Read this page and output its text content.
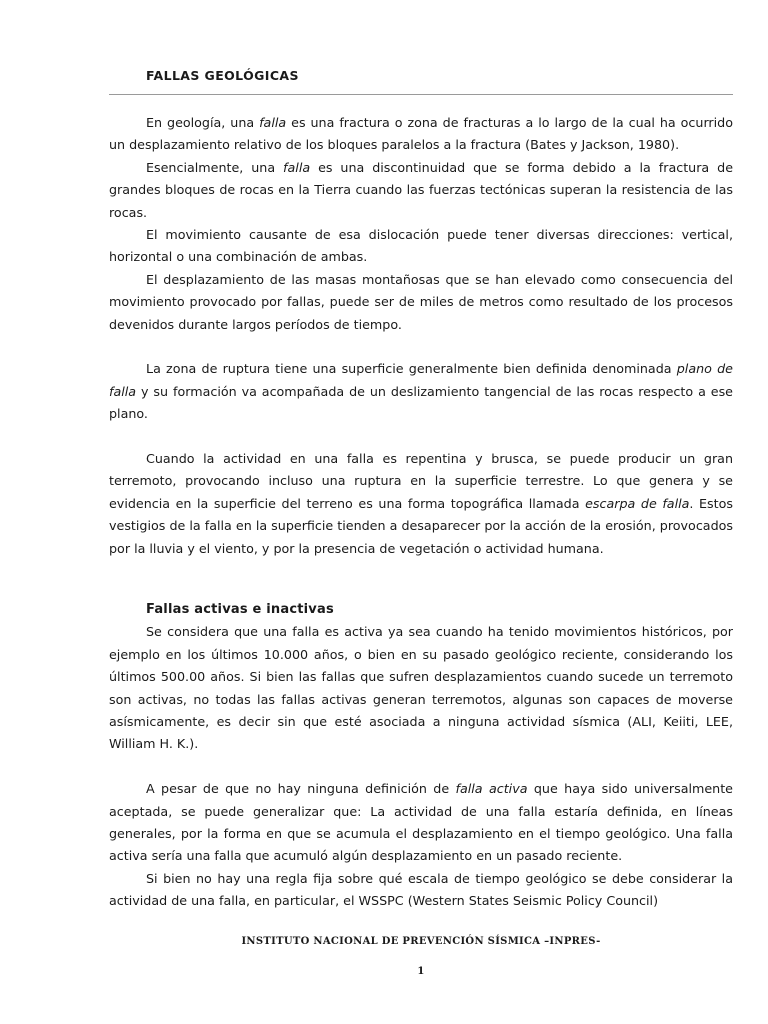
FALLAS GEOLÓGICAS

En geología, una falla es una fractura o zona de fracturas a lo largo de la cual ha ocurrido un desplazamiento relativo de los bloques paralelos a la fractura (Bates y Jackson, 1980).

Esencialmente, una falla es una discontinuidad que se forma debido a la fractura de grandes bloques de rocas en la Tierra cuando las fuerzas tectónicas superan la resistencia de las rocas.

El movimiento causante de esa dislocación puede tener diversas direcciones: vertical, horizontal o una combinación de ambas.

El desplazamiento de las masas montañosas que se han elevado como consecuencia del movimiento provocado por fallas, puede ser de miles de metros como resultado de los procesos devenidos durante largos períodos de tiempo.

La zona de ruptura tiene una superficie generalmente bien definida denominada plano de falla y su formación va acompañada de un deslizamiento tangencial de las rocas respecto a ese plano.

Cuando la actividad en una falla es repentina y brusca, se puede producir un gran terremoto, provocando incluso una ruptura en la superficie terrestre. Lo que genera y se evidencia en la superficie del terreno es una forma topográfica llamada escarpa de falla. Estos vestigios de la falla en la superficie tienden a desaparecer por la acción de la erosión, provocados por la lluvia y el viento, y por la presencia de vegetación o actividad humana.

Fallas activas e inactivas

Se considera que una falla es activa ya sea cuando ha tenido movimientos históricos, por ejemplo en los últimos 10.000 años, o bien en su pasado geológico reciente, considerando los últimos 500.00 años. Si bien las fallas que sufren desplazamientos cuando sucede un terremoto son activas, no todas las fallas activas generan terremotos, algunas son capaces de moverse asísmicamente, es decir sin que esté asociada a ninguna actividad sísmica (ALI, Keiiti, LEE, William H. K.).

A pesar de que no hay ninguna definición de falla activa que haya sido universalmente aceptada, se puede generalizar que: La actividad de una falla estaría definida, en líneas generales, por la forma en que se acumula el desplazamiento en el tiempo geológico. Una falla activa sería una falla que acumuló algún desplazamiento en un pasado reciente.

Si bien no hay una regla fija sobre qué escala de tiempo geológico se debe considerar la actividad de una falla, en particular, el WSSPC (Western States Seismic Policy Council)

INSTITUTO NACIONAL DE PREVENCIÓN SÍSMICA –INPRES-
1
